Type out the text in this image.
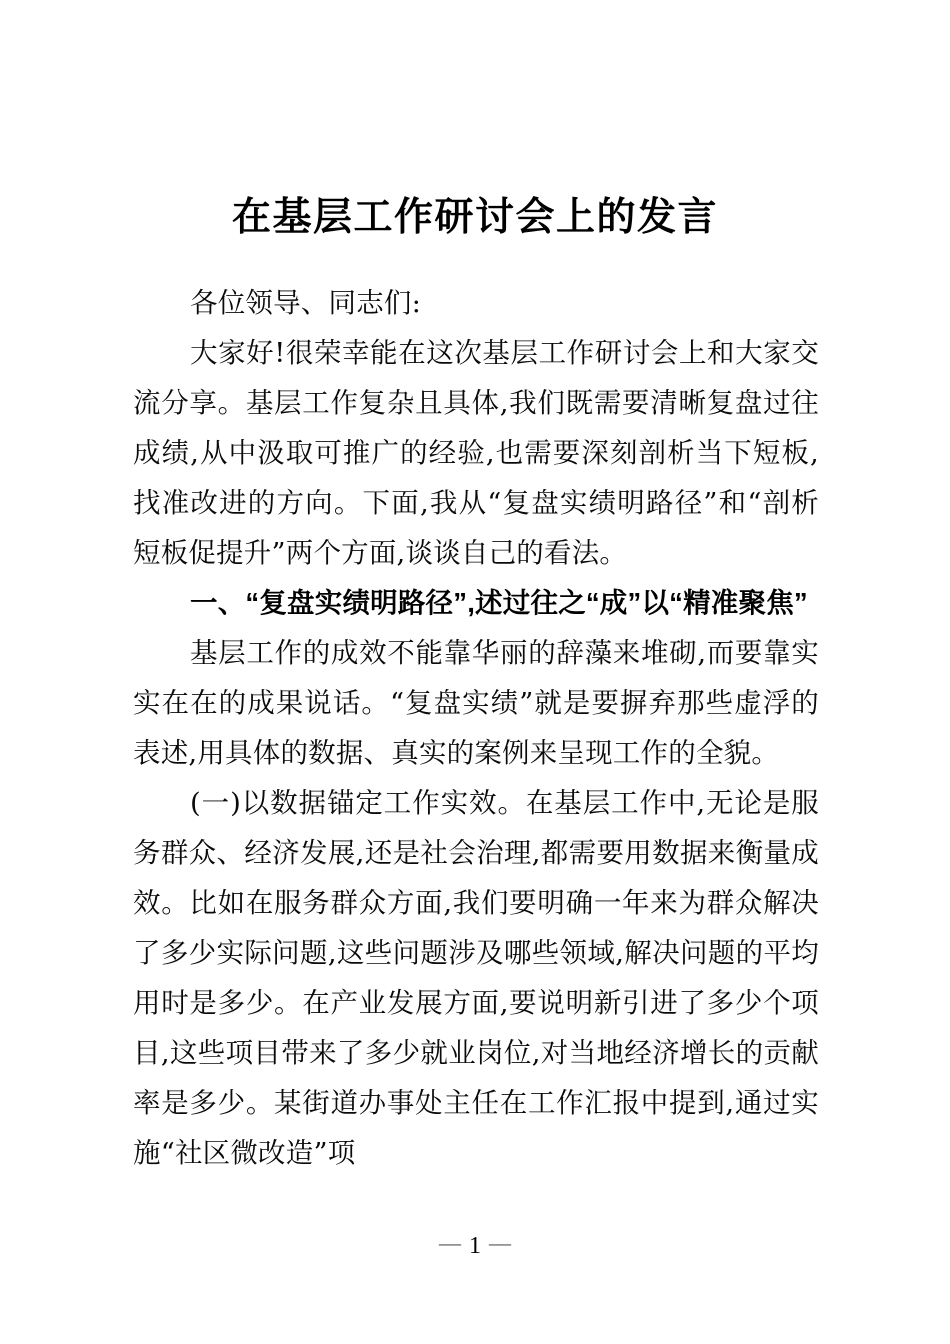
在基层工作研讨会上的发言

各位领导、同志们:

大家好!很荣幸能在这次基层工作研讨会上和大家交流分享。基层工作复杂且具体,我们既需要清晰复盘过往成绩,从中汲取可推广的经验,也需要深刻剖析当下短板,找准改进的方向。下面,我从“复盘实绩明路径”和“剖析短板促提升”两个方面,谈谈自己的看法。

一、“复盘实绩明路径”,述过往之“成”以“精准聚焦”

基层工作的成效不能靠华丽的辞藻来堆砌,而要靠实实在在的成果说话。“复盘实绩”就是要摒弃那些虚浮的表述,用具体的数据、真实的案例来呈现工作的全貌。

(一)以数据锚定工作实效。在基层工作中,无论是服务群众、经济发展,还是社会治理,都需要用数据来衡量成效。比如在服务群众方面,我们要明确一年来为群众解决了多少实际问题,这些问题涉及哪些领域,解决问题的平均用时是多少。在产业发展方面,要说明新引进了多少个项目,这些项目带来了多少就业岗位,对当地经济增长的贡献率是多少。某街道办事处主任在工作汇报中提到,通过实施“社区微改造”项

— 1 —
